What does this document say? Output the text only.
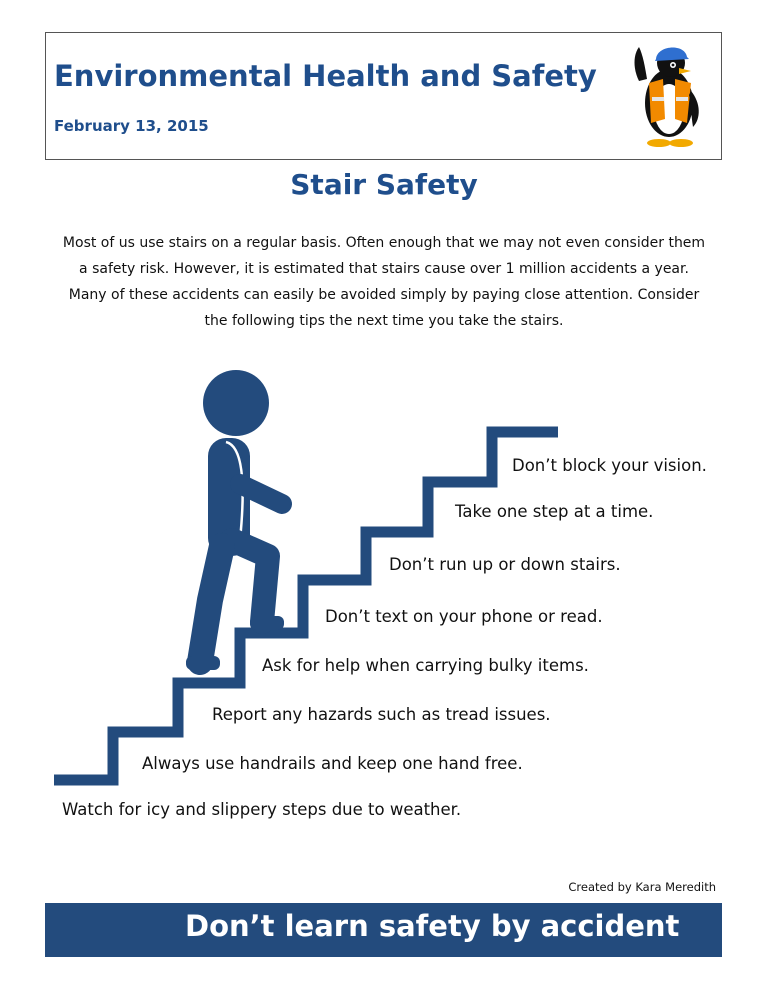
Environmental Health and Safety
February 13, 2015
Stair Safety
Most of us use stairs on a regular basis. Often enough that we may not even consider them
a safety risk. However, it is estimated that stairs cause over 1 million accidents a year.
Many of these accidents can easily be avoided simply by paying close attention. Consider
the following tips the next time you take the stairs.
Don’t block your vision.
Take one step at a time.
Don’t run up or down stairs.
Don’t text on your phone or read.
Ask for help when carrying bulky items.
Report any hazards such as tread issues.
Always use handrails and keep one hand free.
Watch for icy and slippery steps due to weather.
Created by Kara Meredith
Don’t learn safety by accident
